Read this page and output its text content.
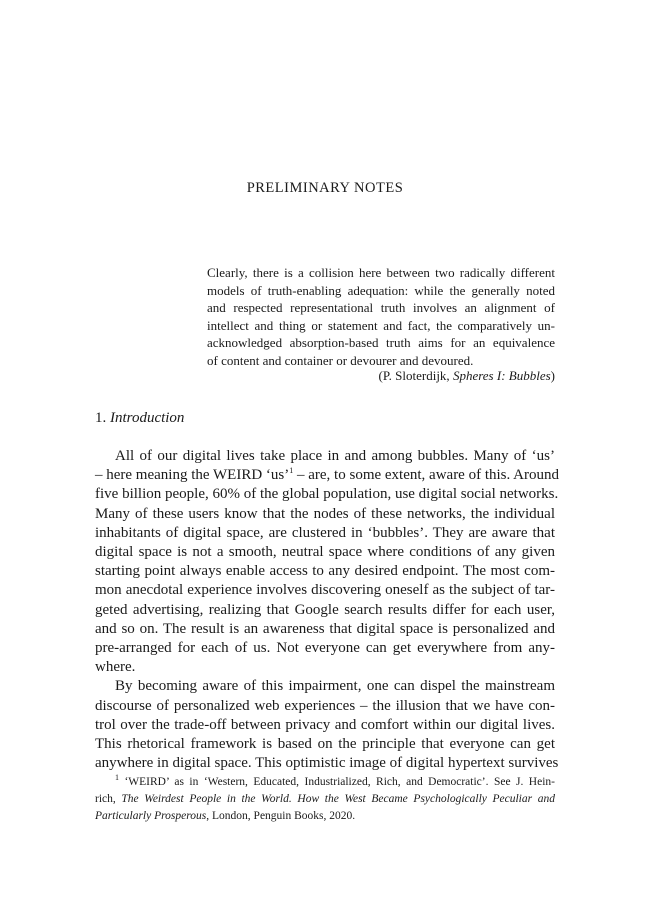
PRELIMINARY NOTES
Clearly, there is a collision here between two radically different
models of truth-enabling adequation: while the generally noted
and respected representational truth involves an alignment of
intellect and thing or statement and fact, the comparatively un-
acknowledged absorption-based truth aims for an equivalence
of content and container or devourer and devoured.
(P. Sloterdijk, Spheres I: Bubbles)
1. Introduction
All of our digital lives take place in and among bubbles. Many of ‘us’
– here meaning the WEIRD ‘us’$^1$ – are, to some extent, aware of this. Around
five billion people, 60% of the global population, use digital social networks.
Many of these users know that the nodes of these networks, the individual
inhabitants of digital space, are clustered in ‘bubbles’. They are aware that
digital space is not a smooth, neutral space where conditions of any given
starting point always enable access to any desired endpoint. The most com-
mon anecdotal experience involves discovering oneself as the subject of tar-
geted advertising, realizing that Google search results differ for each user,
and so on. The result is an awareness that digital space is personalized and
pre-arranged for each of us. Not everyone can get everywhere from any-
where.
By becoming aware of this impairment, one can dispel the mainstream
discourse of personalized web experiences – the illusion that we have con-
trol over the trade-off between privacy and comfort within our digital lives.
This rhetorical framework is based on the principle that everyone can get
anywhere in digital space. This optimistic image of digital hypertext survives
$^1$ ‘WEIRD’ as in ‘Western, Educated, Industrialized, Rich, and Democratic’. See J. Hein-
rich, The Weirdest People in the World. How the West Became Psychologically Peculiar and
Particularly Prosperous, London, Penguin Books, 2020.
